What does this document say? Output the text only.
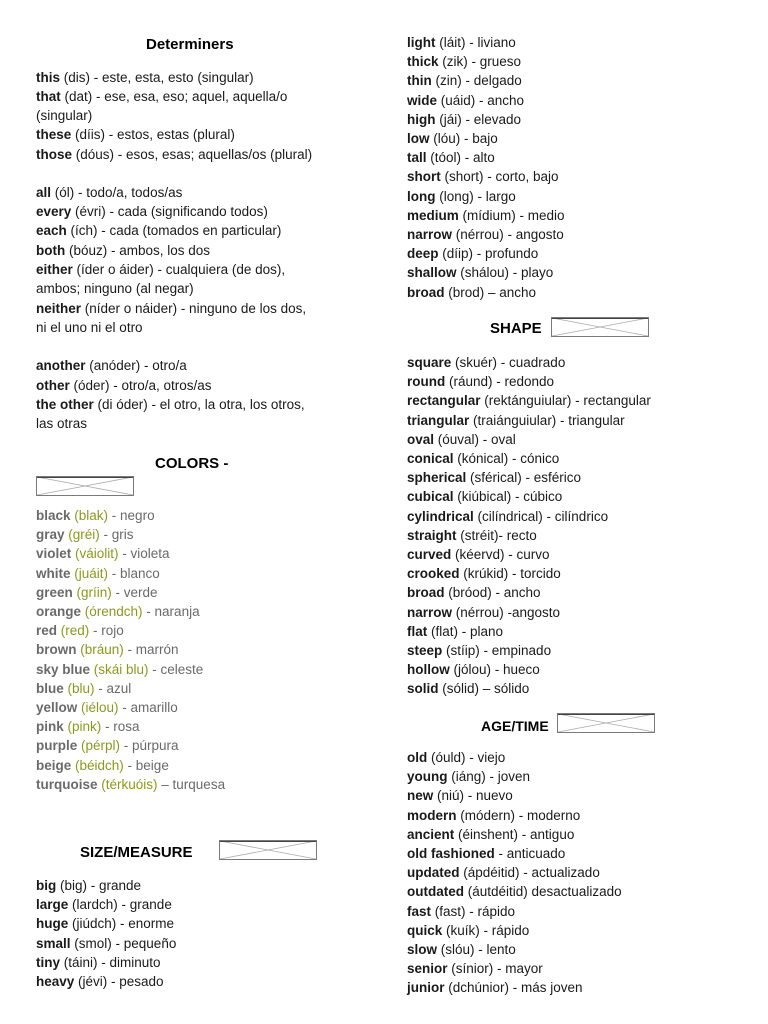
Determiners
this (dis) - este, esta, esto (singular)
that (dat) - ese, esa, eso; aquel, aquella/o
(singular)
these (díis) - estos, estas (plural)
those (dóus) - esos, esas; aquellas/os (plural)
all (ól) - todo/a, todos/as
every (évri) - cada (significando todos)
each (ích) - cada (tomados en particular)
both (bóuz) - ambos, los dos
either (íder o áider) - cualquiera (de dos),
ambos; ninguno (al negar)
neither (níder o náider) - ninguno de los dos,
ni el uno ni el otro
another (anóder) - otro/a
other (óder) - otro/a, otros/as
the other (di óder) - el otro, la otra, los otros,
las otras
COLORS -
black (blak) - negro
gray (gréi) - gris
violet (váiolit) - violeta
white (juáit) - blanco
green (gríin) - verde
orange (órendch) - naranja
red (red) - rojo
brown (bráun) - marrón
sky blue (skái blu) - celeste
blue (blu) - azul
yellow (iélou) - amarillo
pink (pink) - rosa
purple (pérpl) - púrpura
beige (béidch) - beige
turquoise (térkuóis) – turquesa
SIZE/MEASURE
big (big) - grande
large (lardch) - grande
huge (jiúdch) - enorme
small (smol) - pequeño
tiny (táini) - diminuto
heavy (jévi) - pesado
light (láit) - liviano
thick (zik) - grueso
thin (zin) - delgado
wide (uáid) - ancho
high (jái) - elevado
low (lóu) - bajo
tall (tóol) - alto
short (short) - corto, bajo
long (long) - largo
medium (mídium) - medio
narrow (nérrou) - angosto
deep (díip) - profundo
shallow (shálou) - playo
broad (brod) – ancho
SHAPE
square (skuér) - cuadrado
round (ráund) - redondo
rectangular (rektánguiular) - rectangular
triangular (traiánguiular) - triangular
oval (óuval) - oval
conical (kónical) - cónico
spherical (sférical) - esférico
cubical (kiúbical) - cúbico
cylindrical (cilíndrical) - cilíndrico
straight (stréit)- recto
curved (kéervd) - curvo
crooked (krúkid) - torcido
broad (bróod) - ancho
narrow (nérrou) -angosto
flat (flat) - plano
steep (stíip) - empinado
hollow (jólou) - hueco
solid (sólid) – sólido
AGE/TIME
old (óuld) - viejo
young (iáng) - joven
new (niú) - nuevo
modern (módern) - moderno
ancient (éinshent) - antiguo
old fashioned - anticuado
updated (ápdéitid) - actualizado
outdated (áutdéitid) desactualizado
fast (fast) - rápido
quick (kuík) - rápido
slow (slóu) - lento
senior (sínior) - mayor
junior (dchúnior) - más joven
